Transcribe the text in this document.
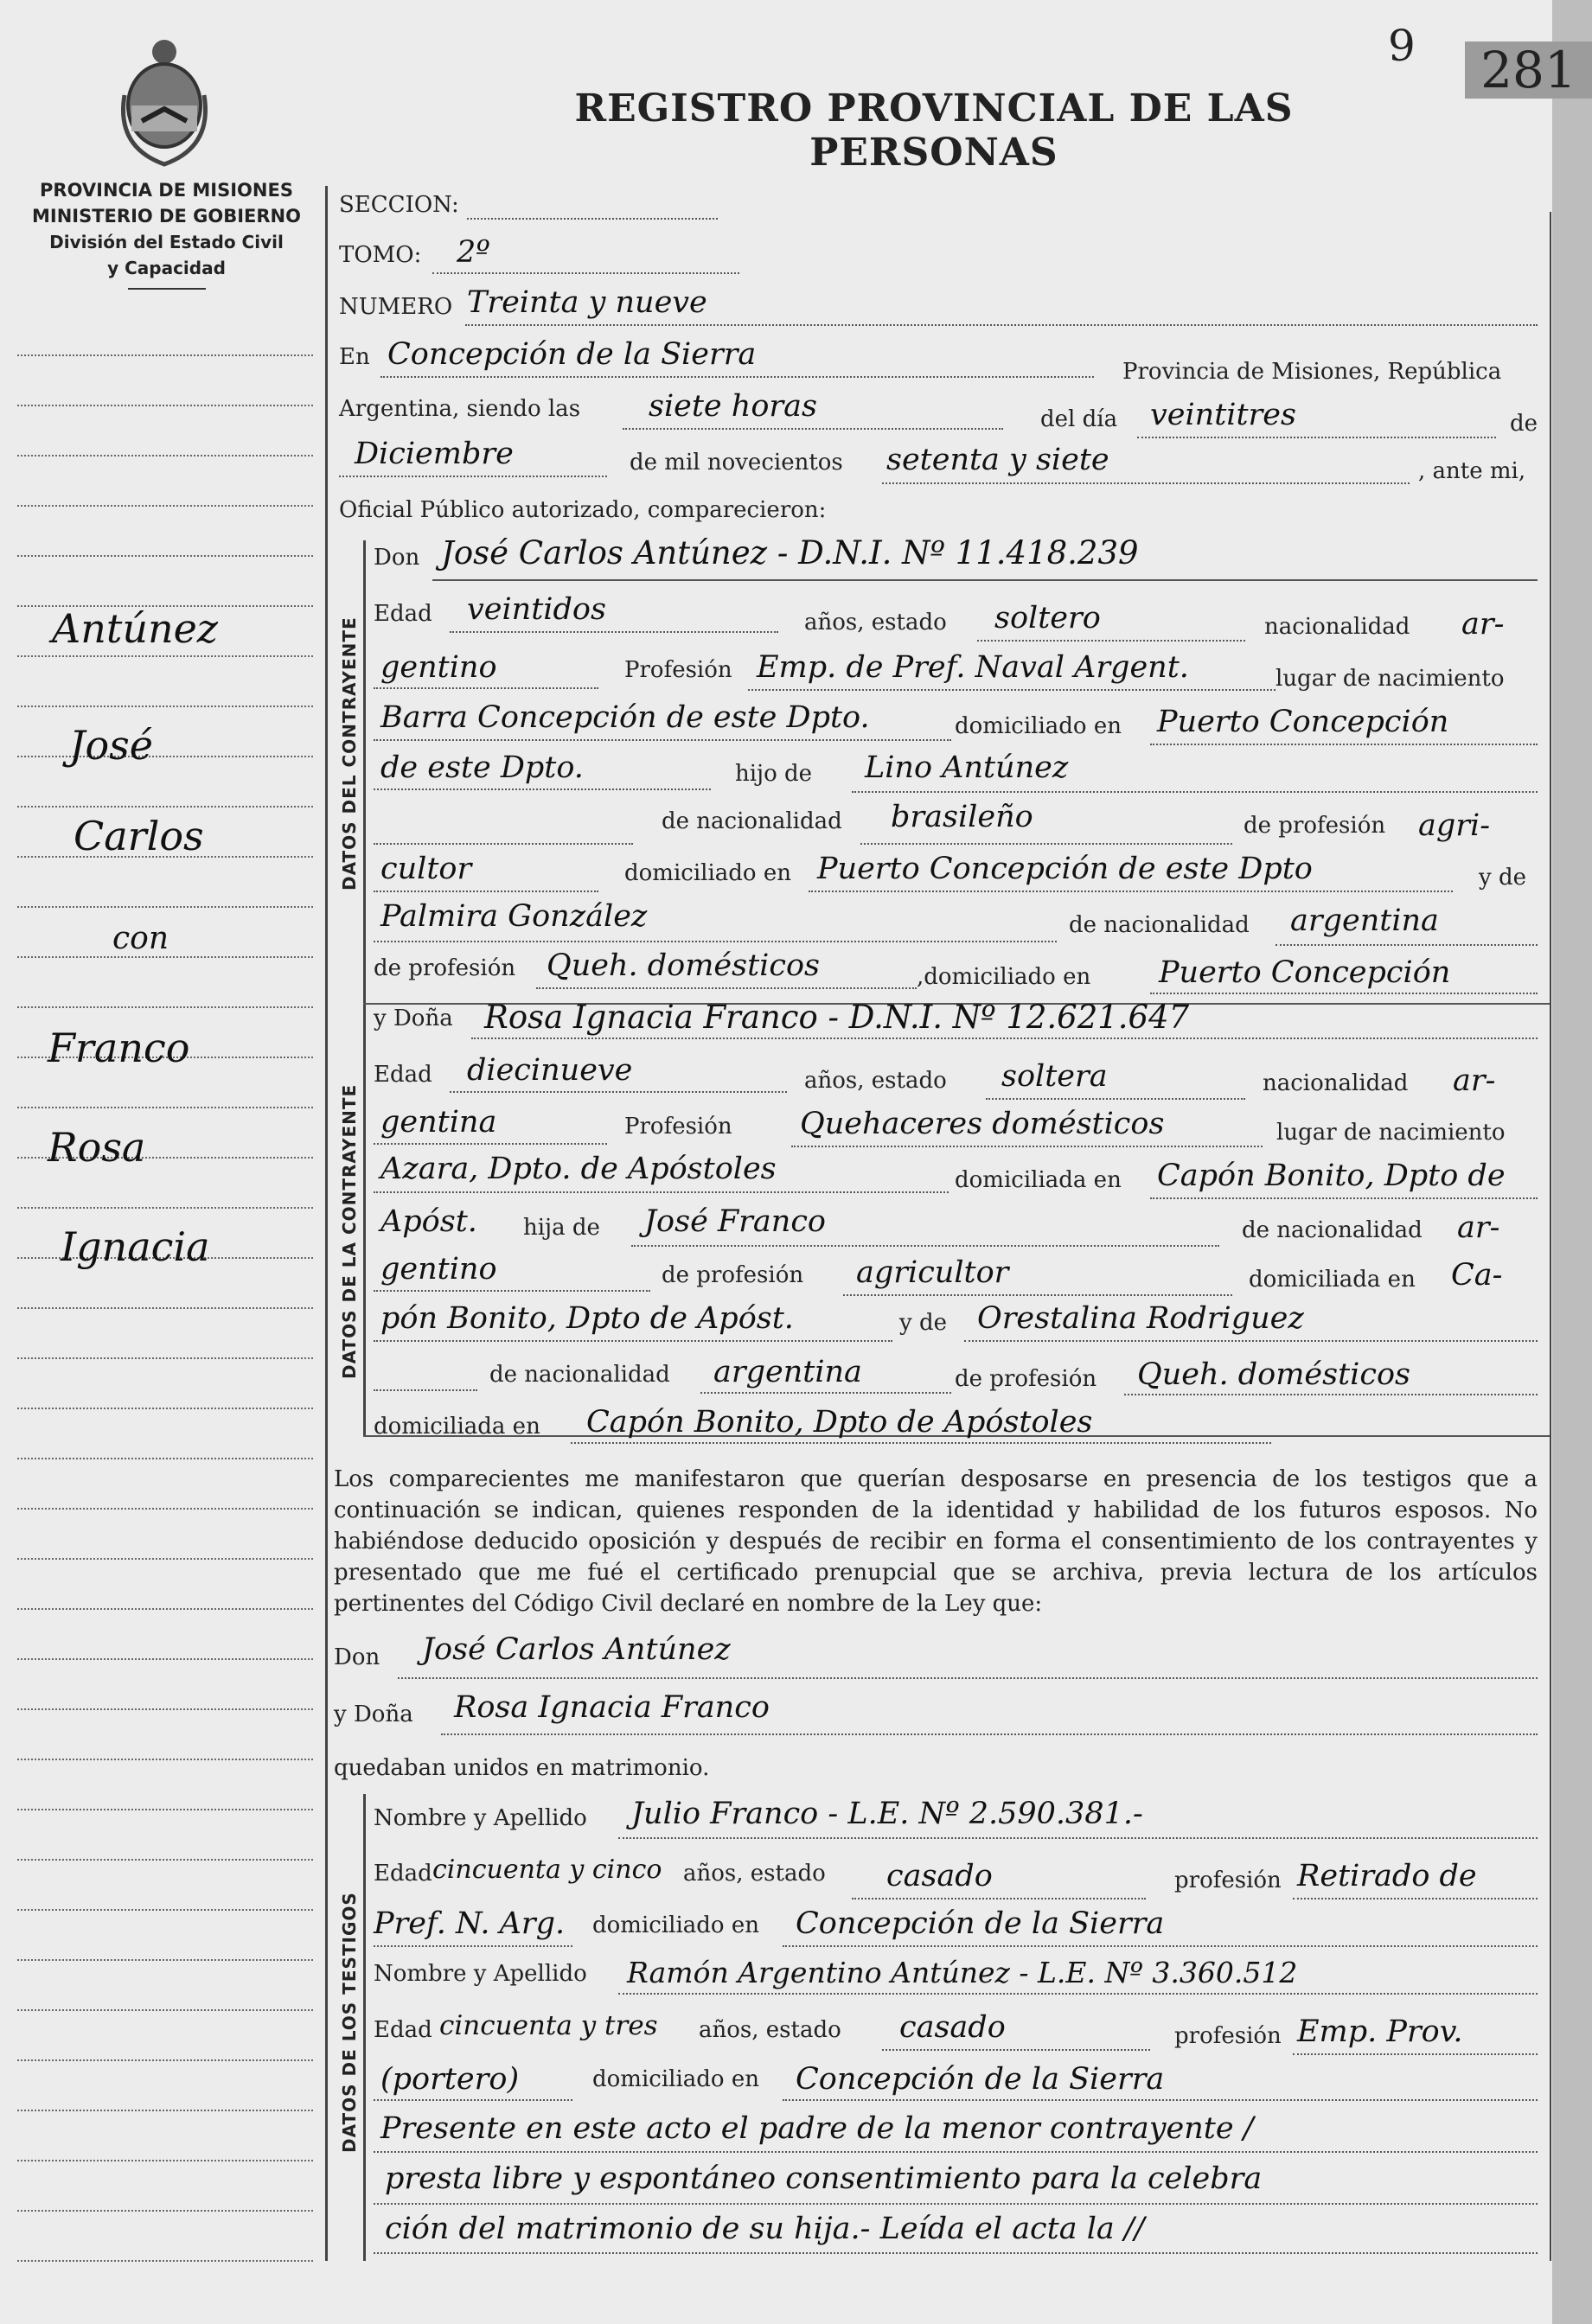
9	281
REGISTRO PROVINCIAL DE LAS PERSONAS
PROVINCIA DE MISIONES
MINISTERIO DE GOBIERNO
División del Estado Civil
y Capacidad
Antúnez
José
Carlos
con
Franco
Rosa
Ignacia
SECCION:
TOMO: 2º
NUMERO Treinta y nueve
En Concepción de la Sierra	Provincia de Misiones, República
Argentina, siendo las siete horas	del día veintitres	de
Diciembre	de mil novecientos setenta y siete	, ante mi,
Oficial Público autorizado, comparecieron:
DATOS DEL CONTRAYENTE
Don José Carlos Antúnez - D.N.I. Nº 11.418.239
Edad veintidos	años, estado soltero	nacionalidad ar-
gentino	Profesión Emp. de Pref. Naval Argent.	lugar de nacimiento
Barra Concepción de este Dpto.	domiciliado en Puerto Concepción
de este Dpto.	hijo de Lino Antúnez
de nacionalidad brasileño	de profesión agri-
cultor	domiciliado en Puerto Concepción de este Dpto	y de
Palmira González	de nacionalidad argentina
de profesión Queh. domésticos	,domiciliado en Puerto Concepción
DATOS DE LA CONTRAYENTE
y Doña Rosa Ignacia Franco - D.N.I. Nº 12.621.647
Edad diecinueve	años, estado soltera	nacionalidad ar-
gentina	Profesión Quehaceres domésticos	lugar de nacimiento
Azara, Dpto. de Apóstoles	domiciliada en Capón Bonito, Dpto de
Apóst. hija de José Franco	de nacionalidad ar-
gentino	de profesión agricultor	domiciliada en Ca-
pón Bonito, Dpto de Apóst.	y de Orestalina Rodriguez
de nacionalidad argentina	de profesión Queh. domésticos
domiciliada en Capón Bonito, Dpto de Apóstoles
Los comparecientes me manifestaron que querían desposarse en presencia de los testigos que a continuación se indican, quienes responden de la identidad y habilidad de los futuros esposos. No habiéndose deducido oposición y después de recibir en forma el consentimiento de los contrayentes y presentado que me fué el certificado prenupcial que se archiva, previa lectura de los artículos pertinentes del Código Civil declaré en nombre de la Ley que:
Don José Carlos Antúnez
y Doña Rosa Ignacia Franco
quedaban unidos en matrimonio.
DATOS DE LOS TESTIGOS
Nombre y Apellido Julio Franco - L.E. Nº 2.590.381.-
Edad cincuenta y cinco años, estado casado	profesión Retirado de
Pref. N. Arg. domiciliado en Concepción de la Sierra
Nombre y Apellido Ramón Argentino Antúnez - L.E. Nº 3.360.512
Edad cincuenta y tres años, estado casado	profesión Emp. Prov.
(portero)	domiciliado en Concepción de la Sierra
Presente en este acto el padre de la menor contrayente /
presta libre y espontáneo consentimiento para la celebra
ción del matrimonio de su hija.- Leída el acta la //
